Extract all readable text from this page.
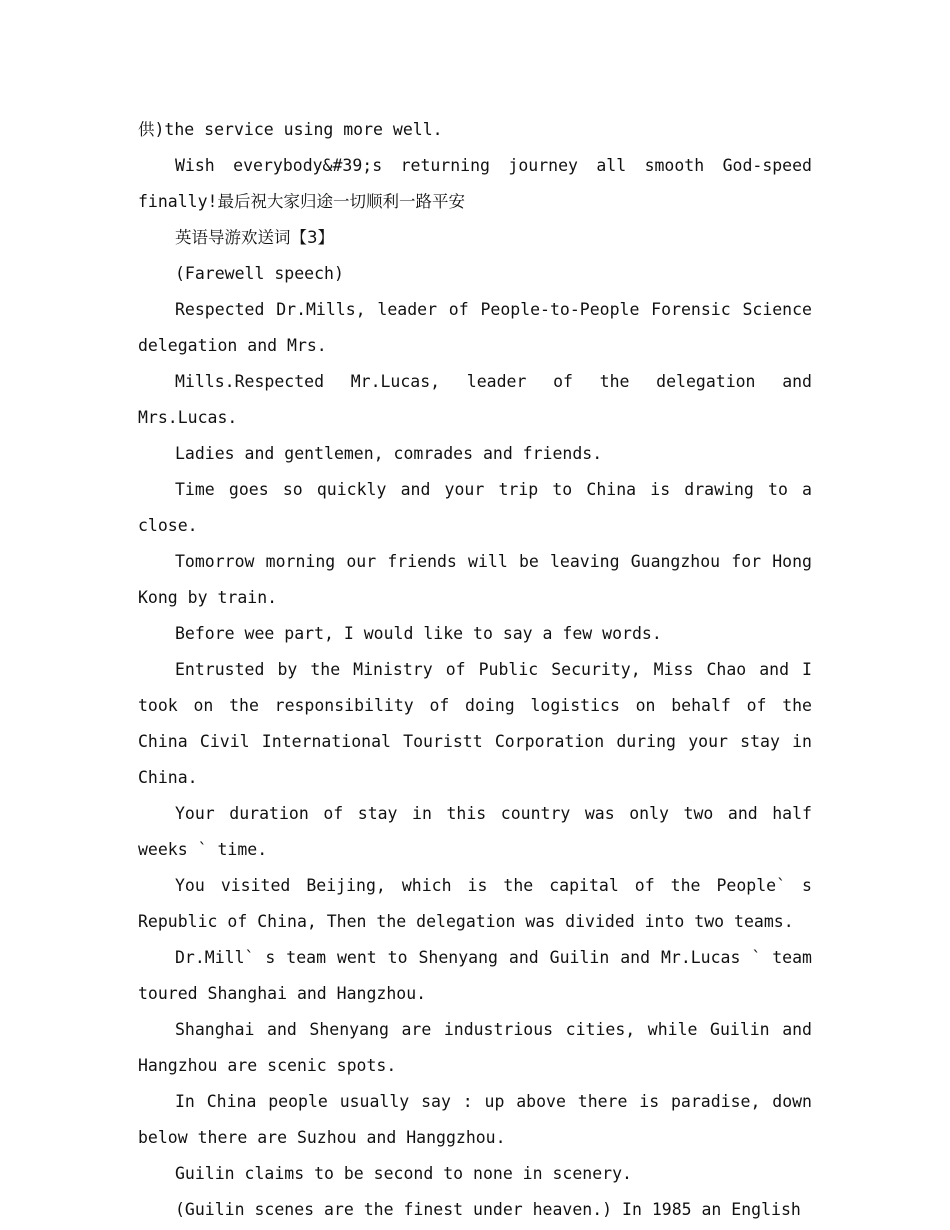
供)the service using more well.

Wish everybody&#39;s returning journey all smooth God-speed finally!最后祝大家归途一切顺利一路平安

英语导游欢送词【3】

(Farewell speech)

Respected Dr.Mills, leader of People-to-People Forensic Science delegation and Mrs.

Mills.Respected Mr.Lucas, leader of the delegation and Mrs.Lucas.

Ladies and gentlemen, comrades and friends.

Time goes so quickly and your trip to China is drawing to a close.

Tomorrow morning our friends will be leaving Guangzhou for Hong Kong by train.

Before wee part, I would like to say a few words.

Entrusted by the Ministry of Public Security, Miss Chao and I took on the responsibility of doing logistics on behalf of the China Civil International Touristt Corporation during your stay in China.

Your duration of stay in this country was only two and half weeks ` time.

You visited Beijing, which is the capital of the People` s Republic of China, Then the delegation was divided into two teams.

Dr.Mill` s team went to Shenyang and Guilin and Mr.Lucas ` team toured Shanghai and Hangzhou.

Shanghai and Shenyang are industrious cities, while Guilin and Hangzhou are scenic spots.

In China people usually say : up above there is paradise, down below there are Suzhou and Hanggzhou.

Guilin claims to be second to none in scenery.

(Guilin scenes are the finest under heaven.) In 1985 an English
